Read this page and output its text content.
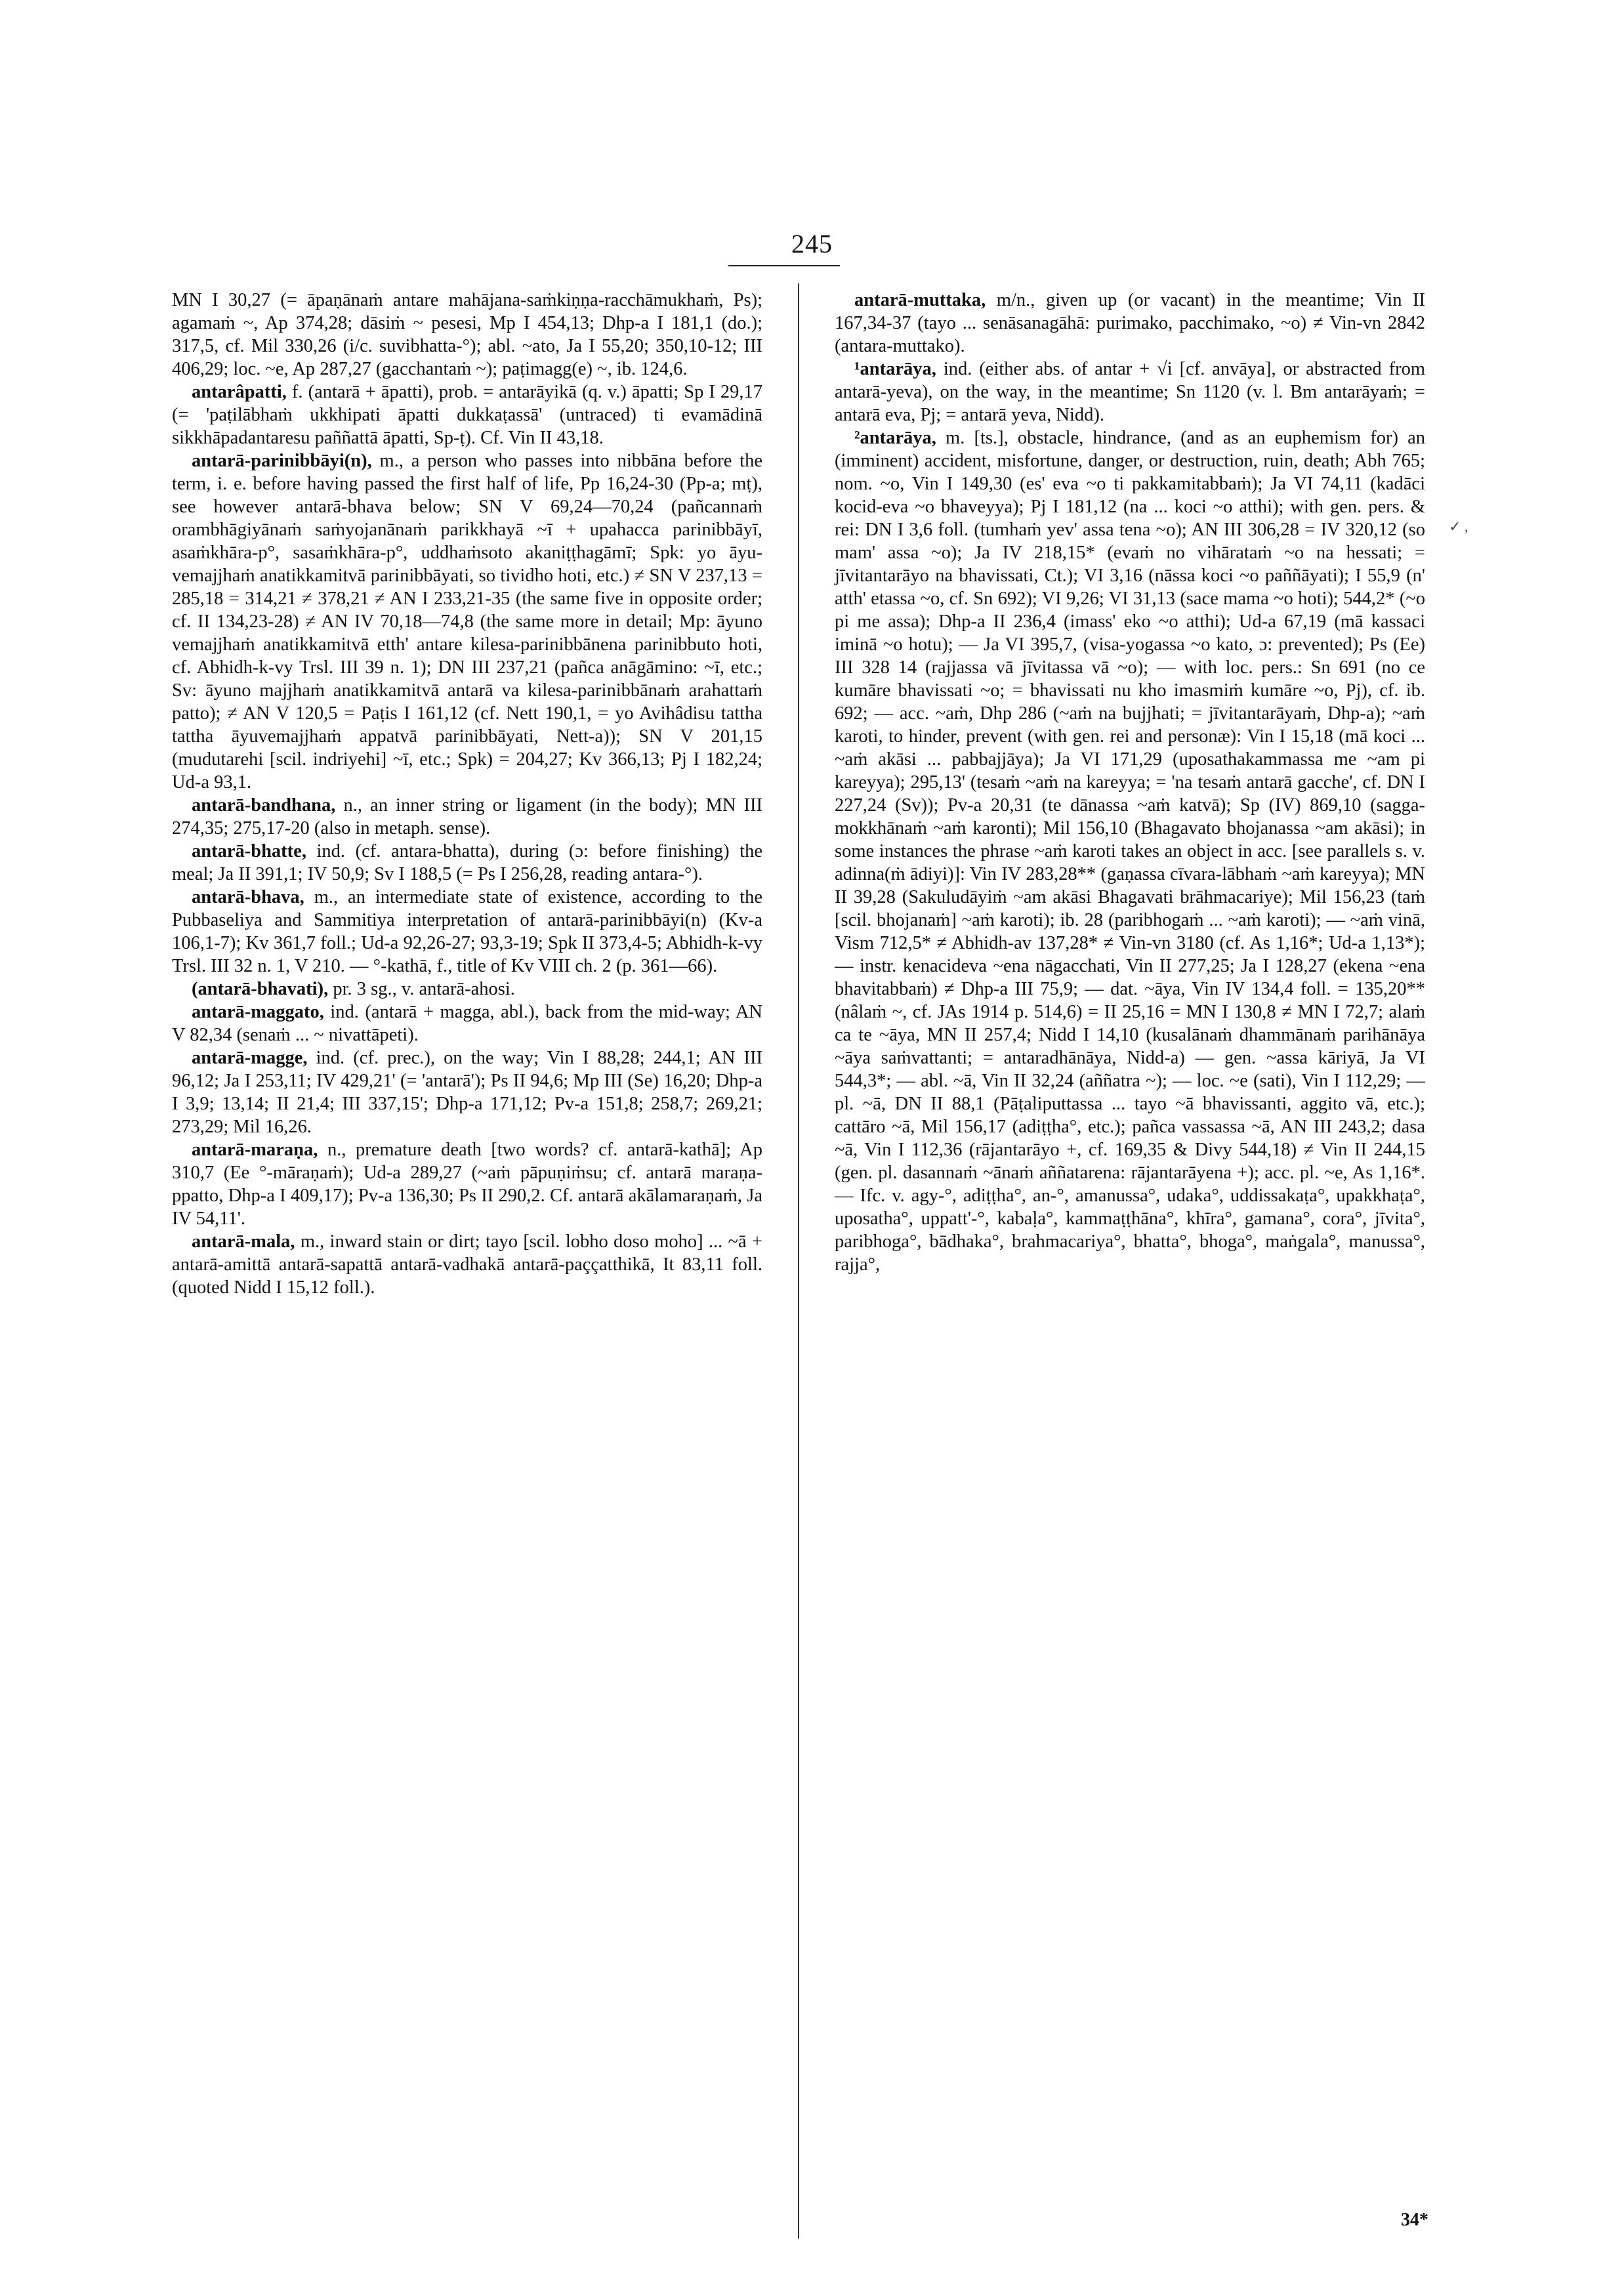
245

MN I 30,27 (= āpaṇānaṁ antare mahājana-saṁkiṇṇa-racchāmukhaṁ, Ps); agamaṁ ~, Ap 374,28; dāsiṁ ~ pesesi, Mp I 454,13; Dhp-a I 181,1 (do.); 317,5, cf. Mil 330,26 (i/c. suvibhatta-°); abl. ~ato, Ja I 55,20; 350,10-12; III 406,29; loc. ~e, Ap 287,27 (gacchantaṁ ~); paṭimagg(e) ~, ib. 124,6.

antarâpatti, f. (antarā + āpatti), prob. = antarāyikā (q. v.) āpatti; Sp I 29,17 (= 'paṭilābhaṁ ukkhipati āpatti dukkaṭassā' (untraced) ti evamādinā sikkhāpadantaresu paññattā āpatti, Sp-ṭ). Cf. Vin II 43,18.

antarā-parinibbāyi(n), m., a person who passes into nibbāna before the term, i. e. before having passed the first half of life, Pp 16,24-30 (Pp-a; mṭ), see however antarā-bhava below; SN V 69,24—70,24 (pañcannaṁ orambhāgiyānaṁ saṁyojanānaṁ parikkhayā ~ī + upahacca parinibbāyī, asaṁkhāra-p°, sasaṁkhāra-p°, uddhaṁsoto akaniṭṭhagāmī; Spk: yo āyu-vemajjhaṁ anatikkamitvā parinibbāyati, so tividho hoti, etc.) ≠ SN V 237,13 = 285,18 = 314,21 ≠ 378,21 ≠ AN I 233,21-35 (the same five in opposite order; cf. II 134,23-28) ≠ AN IV 70,18—74,8 (the same more in detail; Mp: āyuno vemajjhaṁ anatikkamitvā etth' antare kilesa-parinibbānena parinibbuto hoti, cf. Abhidh-k-vy Trsl. III 39 n. 1); DN III 237,21 (pañca anāgāmino: ~ī, etc.; Sv: āyuno majjhaṁ anatikkamitvā antarā va kilesa-parinibbānaṁ arahattaṁ patto); ≠ AN V 120,5 = Paṭis I 161,12 (cf. Nett 190,1, = yo Avihâdisu tattha tattha āyuvemajjhaṁ appatvā parinibbāyati, Nett-a)); SN V 201,15 (mudutarehi [scil. indriyehi] ~ī, etc.; Spk) = 204,27; Kv 366,13; Pj I 182,24; Ud-a 93,1.

antarā-bandhana, n., an inner string or ligament (in the body); MN III 274,35; 275,17-20 (also in metaph. sense).

antarā-bhatte, ind. (cf. antara-bhatta), during (ɔ: before finishing) the meal; Ja II 391,1; IV 50,9; Sv I 188,5 (= Ps I 256,28, reading antara-°).

antarā-bhava, m., an intermediate state of existence, according to the Pubbaseliya and Sammitiya interpretation of antarā-parinibbāyi(n) (Kv-a 106,1-7); Kv 361,7 foll.; Ud-a 92,26-27; 93,3-19; Spk II 373,4-5; Abhidh-k-vy Trsl. III 32 n. 1, V 210. — °-kathā, f., title of Kv VIII ch. 2 (p. 361—66).

(antarā-bhavati), pr. 3 sg., v. antarā-ahosi.

antarā-maggato, ind. (antarā + magga, abl.), back from the mid-way; AN V 82,34 (senaṁ ... ~ nivattāpeti).

antarā-magge, ind. (cf. prec.), on the way; Vin I 88,28; 244,1; AN III 96,12; Ja I 253,11; IV 429,21' (= 'antarā'); Ps II 94,6; Mp III (Se) 16,20; Dhp-a I 3,9; 13,14; II 21,4; III 337,15'; Dhp-a 171,12; Pv-a 151,8; 258,7; 269,21; 273,29; Mil 16,26.

antarā-maraṇa, n., premature death [two words? cf. antarā-kathā]; Ap 310,7 (Ee °-māraṇaṁ); Ud-a 289,27 (~aṁ pāpuṇiṁsu; cf. antarā maraṇa-ppatto, Dhp-a I 409,17); Pv-a 136,30; Ps II 290,2. Cf. antarā akālamaraṇaṁ, Ja IV 54,11'.

antarā-mala, m., inward stain or dirt; tayo [scil. lobho doso moho] ... ~ā + antarā-amittā antarā-sapattā antarā-vadhakā antarā-paççatthikā, It 83,11 foll. (quoted Nidd I 15,12 foll.).

antarā-muttaka, m/n., given up (or vacant) in the meantime; Vin II 167,34-37 (tayo ... senāsanagāhā: purimako, pacchimako, ~o) ≠ Vin-vn 2842 (antara-muttako).

¹antarāya, ind. (either abs. of antar + √i [cf. anvāya], or abstracted from antarā-yeva), on the way, in the meantime; Sn 1120 (v. l. Bm antarāyaṁ; = antarā eva, Pj; = antarā yeva, Nidd).

²antarāya, m. [ts.], obstacle, hindrance, (and as an euphemism for) an (imminent) accident, misfortune, danger, or destruction, ruin, death; Abh 765; nom. ~o, Vin I 149,30 (es' eva ~o ti pakkamitabbaṁ); Ja VI 74,11 (kadāci kocid-eva ~o bhaveyya); Pj I 181,12 (na ... koci ~o atthi); with gen. pers. & rei: DN I 3,6 foll. (tumhaṁ yev' assa tena ~o); AN III 306,28 = IV 320,12 (so mam' assa ~o); Ja IV 218,15* (evaṁ no vihārataṁ ~o na hessati; = jīvitantarāyo na bhavissati, Ct.); VI 3,16 (nāssa koci ~o paññāyati); I 55,9 (n' atth' etassa ~o, cf. Sn 692); VI 9,26; VI 31,13 (sace mama ~o hoti); 544,2* (~o pi me assa); Dhp-a II 236,4 (imass' eko ~o atthi); Ud-a 67,19 (mā kassaci iminā ~o hotu); — Ja VI 395,7, (visa-yogassa ~o kato, ɔ: prevented); Ps (Ee) III 328 14 (rajjassa vā jīvitassa vā ~o); — with loc. pers.: Sn 691 (no ce kumāre bhavissati ~o; = bhavissati nu kho imasmiṁ kumāre ~o, Pj), cf. ib. 692; — acc. ~aṁ, Dhp 286 (~aṁ na bujjhati; = jīvitantarāyaṁ, Dhp-a); ~aṁ karoti, to hinder, prevent (with gen. rei and personæ): Vin I 15,18 (mā koci ... ~aṁ akāsi ... pabbajjāya); Ja VI 171,29 (uposathakammassa me ~am pi kareyya); 295,13' (tesaṁ ~aṁ na kareyya; = 'na tesaṁ antarā gacche', cf. DN I 227,24 (Sv)); Pv-a 20,31 (te dānassa ~aṁ katvā); Sp (IV) 869,10 (sagga-mokkhānaṁ ~aṁ karonti); Mil 156,10 (Bhagavato bhojanassa ~am akāsi); in some instances the phrase ~aṁ karoti takes an object in acc. [see parallels s. v. adinna(ṁ ādiyi)]: Vin IV 283,28** (gaṇassa cīvara-lābhaṁ ~aṁ kareyya); MN II 39,28 (Sakuludāyiṁ ~am akāsi Bhagavati brāhmacariye); Mil 156,23 (taṁ [scil. bhojanaṁ] ~aṁ karoti); ib. 28 (paribhogaṁ ... ~aṁ karoti); — ~aṁ vinā, Vism 712,5* ≠ Abhidh-av 137,28* ≠ Vin-vn 3180 (cf. As 1,16*; Ud-a 1,13*); — instr. kenacideva ~ena nāgacchati, Vin II 277,25; Ja I 128,27 (ekena ~ena bhavitabbaṁ) ≠ Dhp-a III 75,9; — dat. ~āya, Vin IV 134,4 foll. = 135,20** (nâlaṁ ~, cf. JAs 1914 p. 514,6) = II 25,16 = MN I 130,8 ≠ MN I 72,7; alaṁ ca te ~āya, MN II 257,4; Nidd I 14,10 (kusalānaṁ dhammānaṁ parihānāya ~āya saṁvattanti; = antaradhānāya, Nidd-a) — gen. ~assa kāriyā, Ja VI 544,3*; — abl. ~ā, Vin II 32,24 (aññatra ~); — loc. ~e (sati), Vin I 112,29; — pl. ~ā, DN II 88,1 (Pāṭaliputtassa ... tayo ~ā bhavissanti, aggito vā, etc.); cattāro ~ā, Mil 156,17 (adiṭṭha°, etc.); pañca vassassa ~ā, AN III 243,2; dasa ~ā, Vin I 112,36 (rājantarāyo +, cf. 169,35 & Divy 544,18) ≠ Vin II 244,15 (gen. pl. dasannaṁ ~ānaṁ aññatarena: rājantarāyena +); acc. pl. ~e, As 1,16*. — Ifc. v. agy-°, adiṭṭha°, an-°, amanussa°, udaka°, uddissakaṭa°, upakkhaṭa°, uposatha°, uppatt'-°, kabaḷa°, kammaṭṭhāna°, khīra°, gamana°, cora°, jīvita°, paribhoga°, bādhaka°, brahmacariya°, bhatta°, bhoga°, maṅgala°, manussa°, rajja°,

✓ ,
34*
